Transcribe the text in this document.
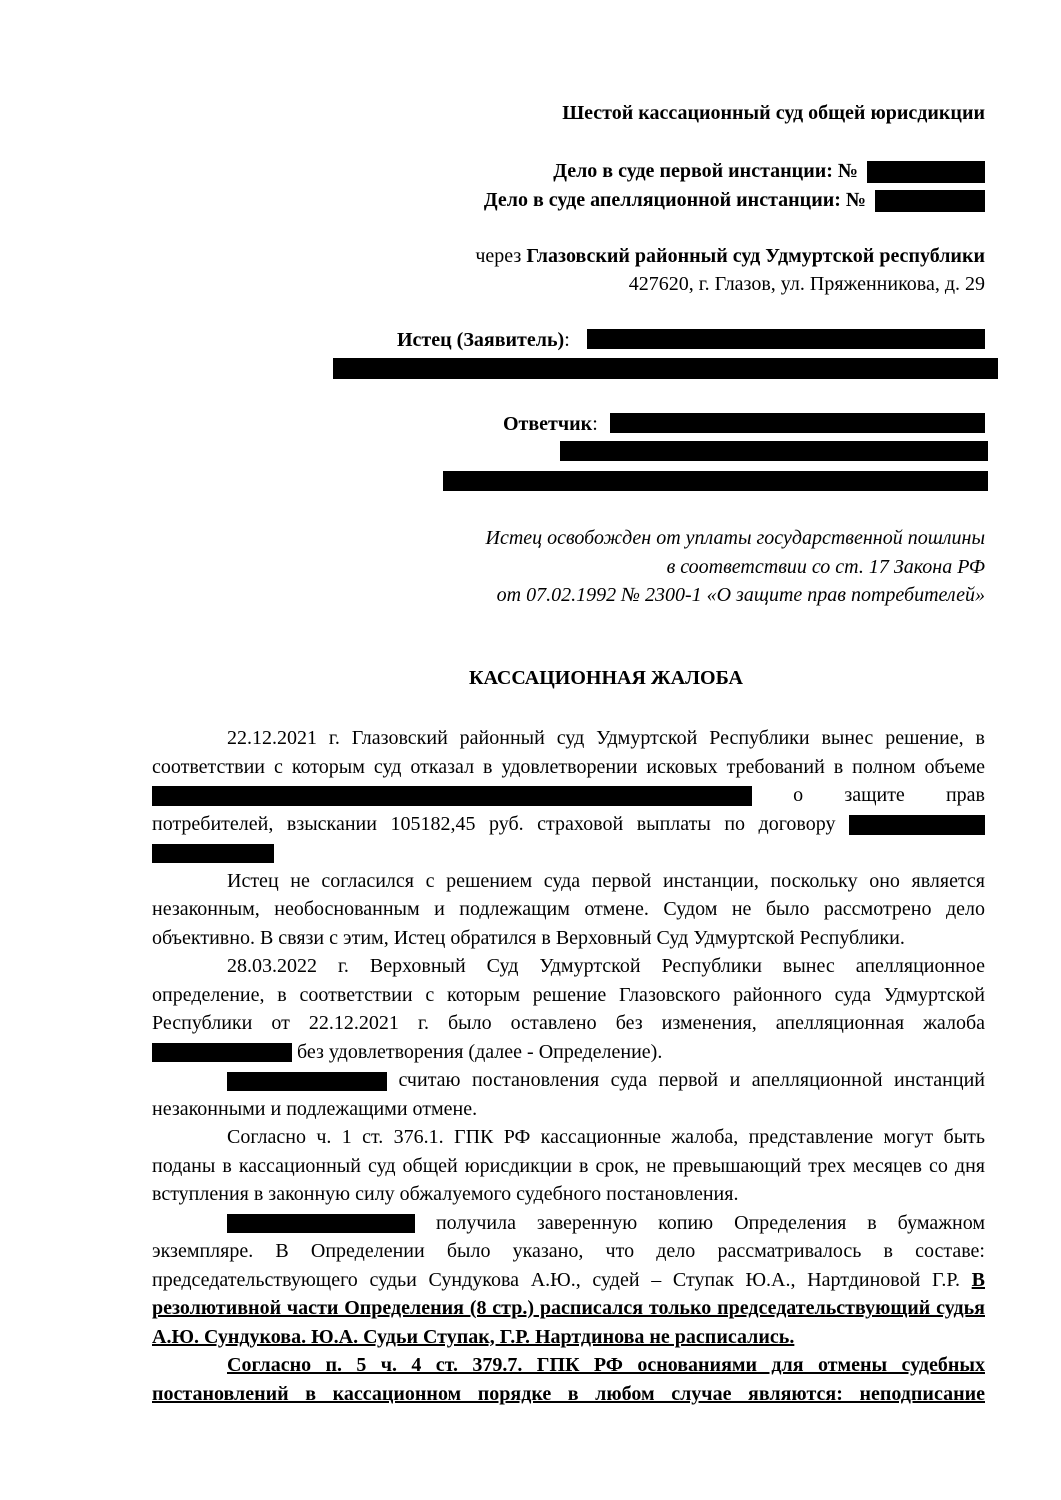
Шестой кассационный суд общей юрисдикции
Дело в суде первой инстанции: №
Дело в суде апелляционной инстанции: №
через Глазовский районный суд Удмуртской республики
427620, г. Глазов, ул. Пряженникова, д. 29
Истец (Заявитель):
Ответчик:
Истец освобожден от уплаты государственной пошлины
в соответствии со ст. 17 Закона РФ
от 07.02.1992 № 2300-1 «О защите прав потребителей»
КАССАЦИОННАЯ ЖАЛОБА

22.12.2021 г. Глазовский районный суд Удмуртской Республики вынес решение, в соответствии с которым суд отказал в удовлетворении исковых требований в полном объеме  о защите прав потребителей, взыскании 105182,45 руб. страховой выплаты по договору

Истец не согласился с решением суда первой инстанции, поскольку оно является незаконным, необоснованным и подлежащим отмене. Судом не было рассмотрено дело объективно. В связи с этим, Истец обратился в Верховный Суд Удмуртской Республики.

28.03.2022 г. Верховный Суд Удмуртской Республики вынес апелляционное определение, в соответствии с которым решение Глазовского районного суда Удмуртской Республики от 22.12.2021 г. было оставлено без изменения, апелляционная жалоба  без удовлетворения (далее - Определение).

считаю постановления суда первой и апелляционной инстанций незаконными и подлежащими отмене.

Согласно ч. 1 ст. 376.1. ГПК РФ кассационные жалоба, представление могут быть поданы в кассационный суд общей юрисдикции в срок, не превышающий трех месяцев со дня вступления в законную силу обжалуемого судебного постановления.

получила заверенную копию Определения в бумажном экземпляре. В Определении было указано, что дело рассматривалось в составе: председательствующего судьи Сундукова А.Ю., судей – Ступак Ю.А., Нартдиновой Г.Р. В резолютивной части Определения (8 стр.) расписался только председательствующий судья А.Ю. Сундукова. Ю.А. Судьи Ступак, Г.Р. Нартдинова не расписались.

Согласно п. 5 ч. 4 ст. 379.7. ГПК РФ основаниями для отмены судебных постановлений в кассационном порядке в любом случае являются: неподписание
